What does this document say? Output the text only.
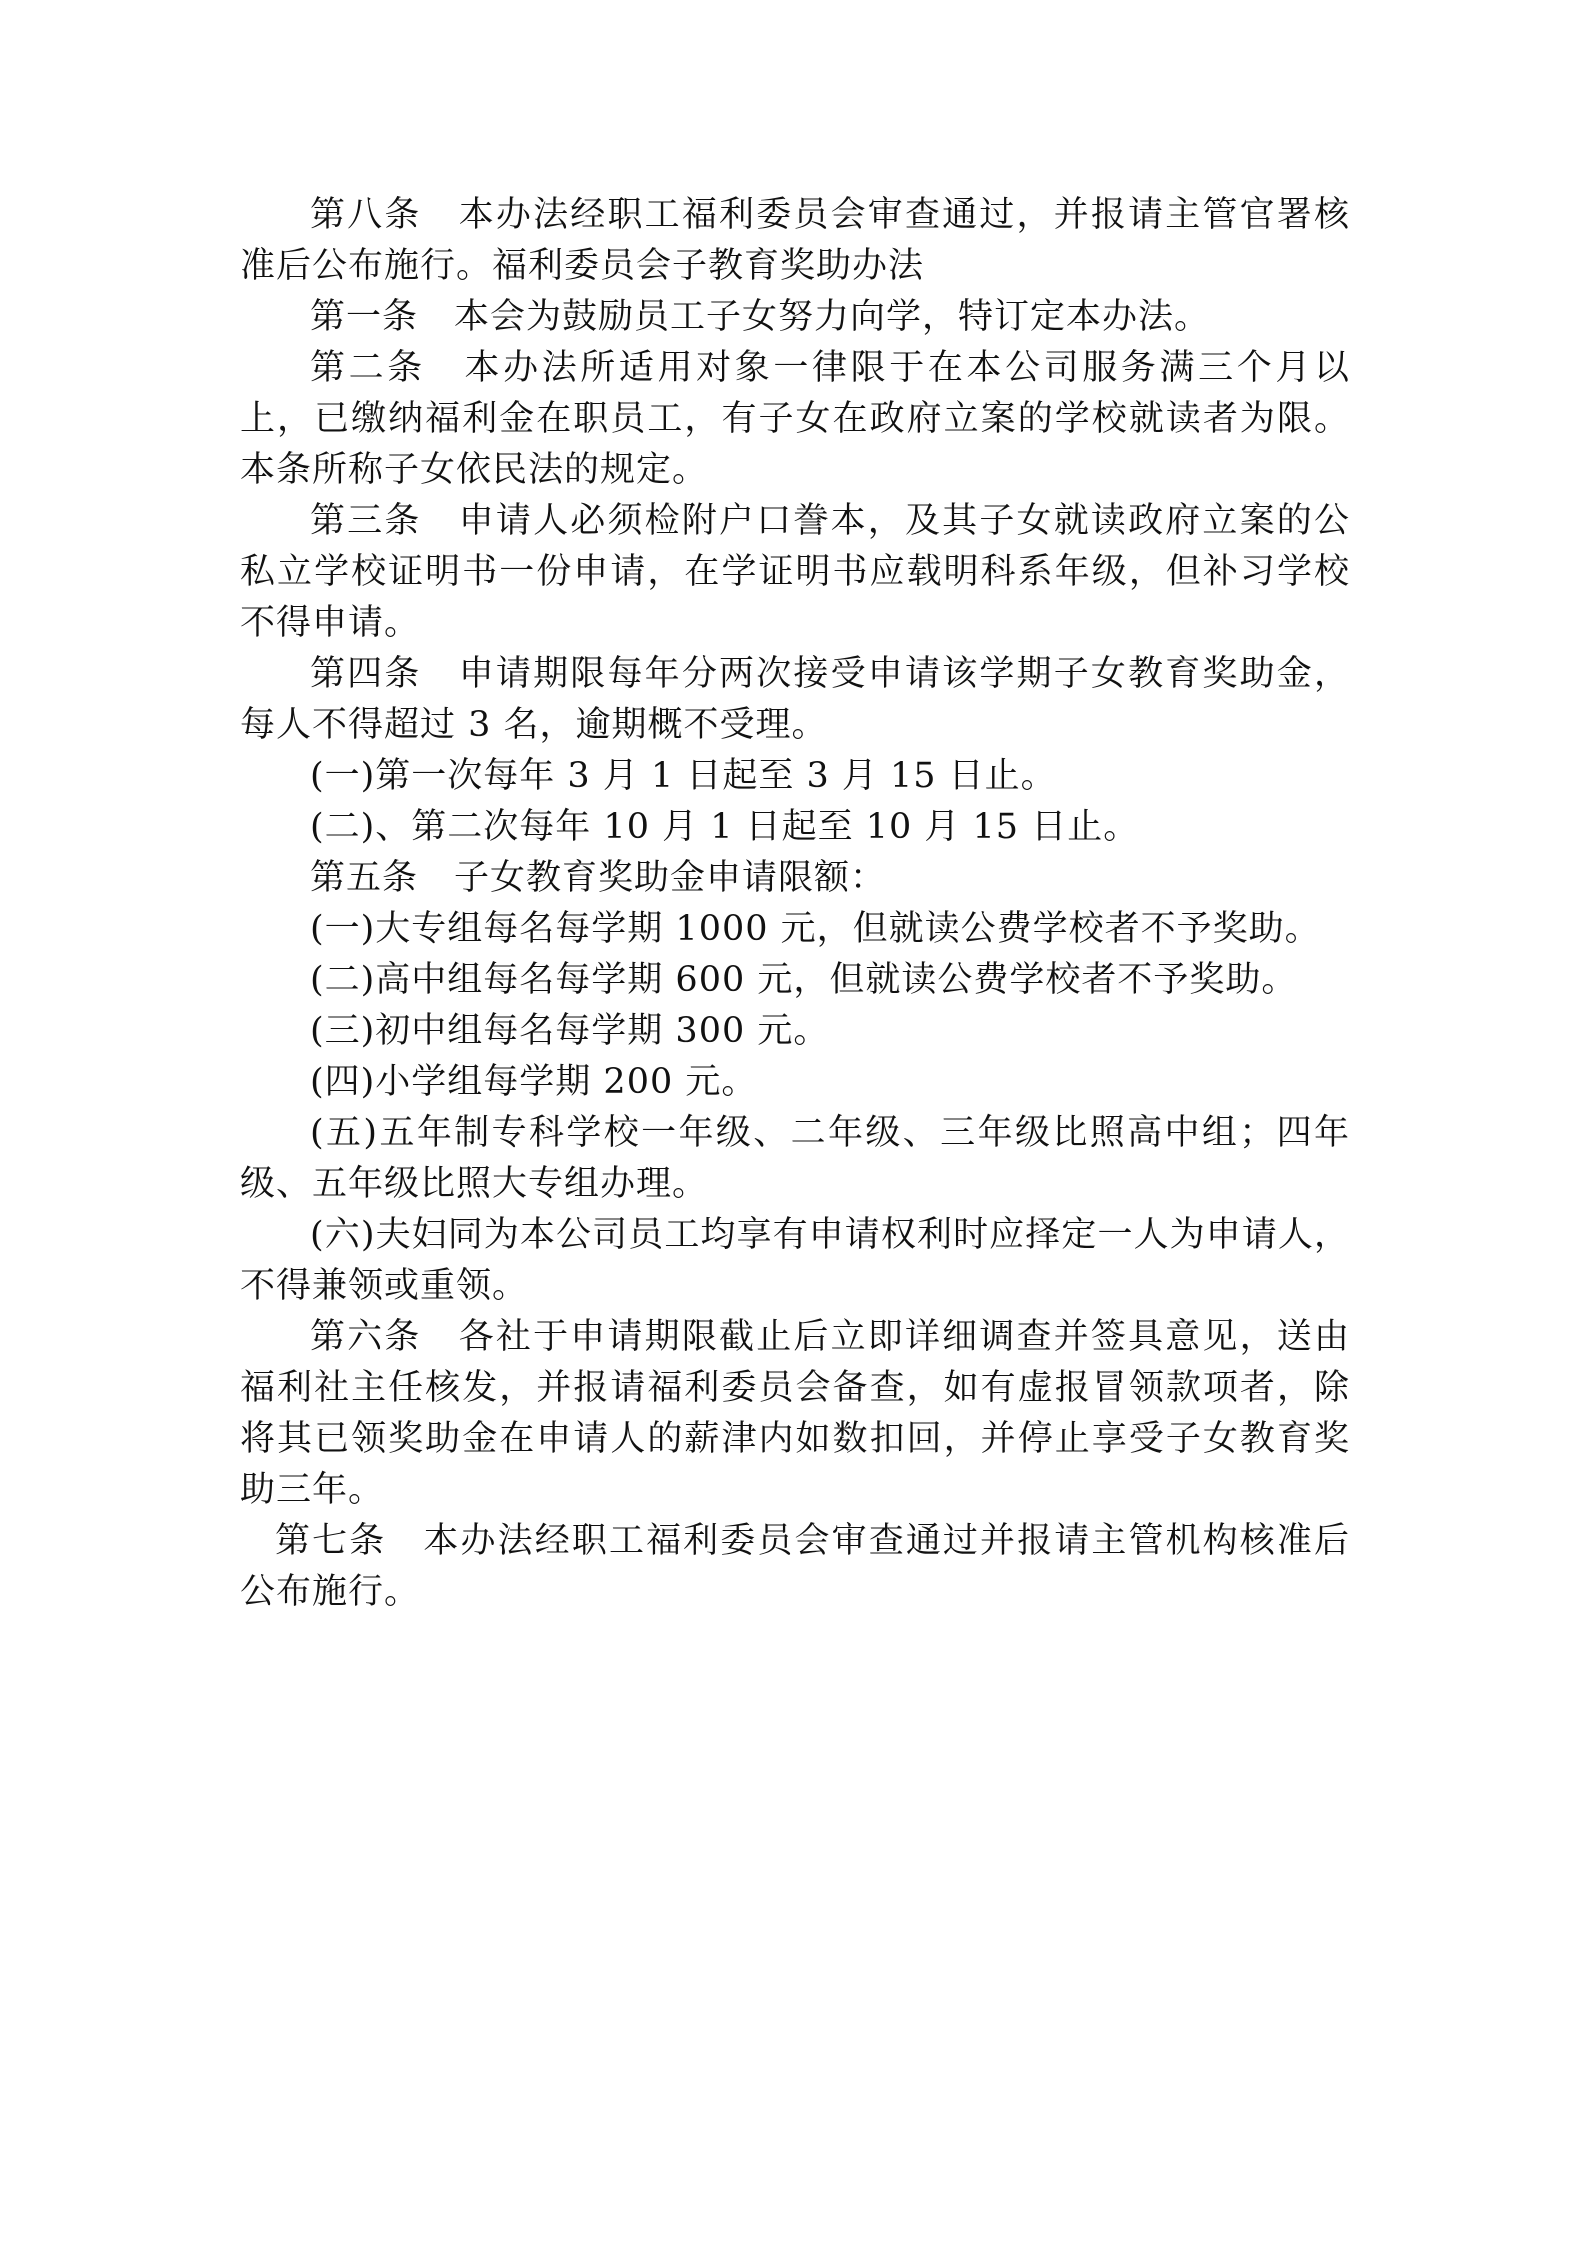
第八条　本办法经职工福利委员会审查通过，并报请主管官署核准后公布施行。福利委员会子教育奖助办法

第一条　本会为鼓励员工子女努力向学，特订定本办法。

第二条　本办法所适用对象一律限于在本公司服务满三个月以上，已缴纳福利金在职员工，有子女在政府立案的学校就读者为限。本条所称子女依民法的规定。

第三条　申请人必须检附户口誊本，及其子女就读政府立案的公私立学校证明书一份申请，在学证明书应载明科系年级，但补习学校不得申请。

第四条　申请期限每年分两次接受申请该学期子女教育奖助金，每人不得超过 3 名，逾期概不受理。

(一)第一次每年 3 月 1 日起至 3 月 15 日止。

(二)、第二次每年 10 月 1 日起至 10 月 15 日止。

第五条　子女教育奖助金申请限额：

(一)大专组每名每学期 1000 元，但就读公费学校者不予奖助。

(二)高中组每名每学期 600 元，但就读公费学校者不予奖助。

(三)初中组每名每学期 300 元。

(四)小学组每学期 200 元。

(五)五年制专科学校一年级、二年级、三年级比照高中组；四年级、五年级比照大专组办理。

(六)夫妇同为本公司员工均享有申请权利时应择定一人为申请人，不得兼领或重领。

第六条　各社于申请期限截止后立即详细调查并签具意见，送由福利社主任核发，并报请福利委员会备查，如有虚报冒领款项者，除将其已领奖助金在申请人的薪津内如数扣回，并停止享受子女教育奖助三年。

第七条　本办法经职工福利委员会审查通过并报请主管机构核准后公布施行。
